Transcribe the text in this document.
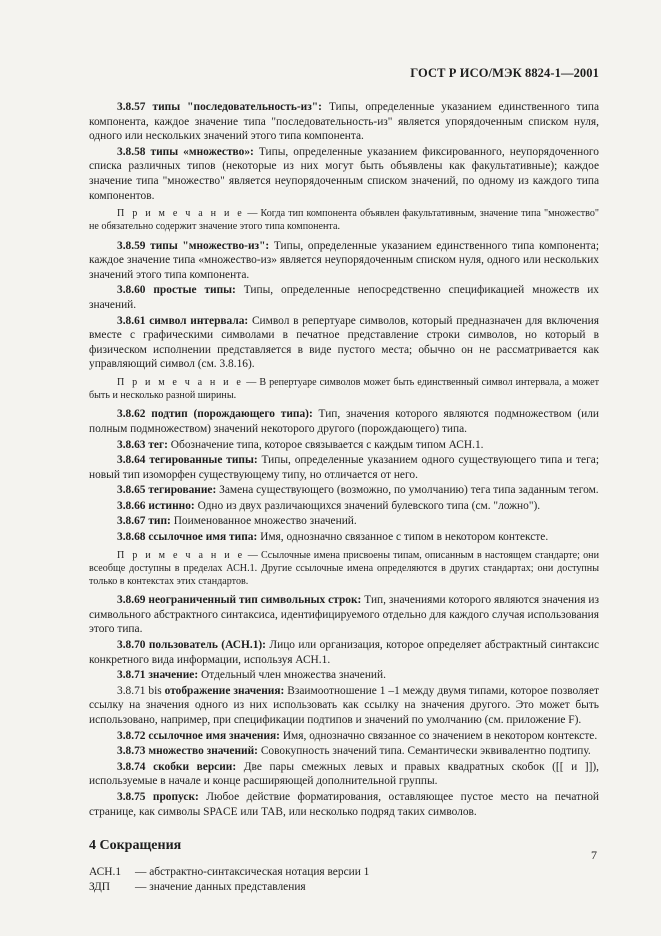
ГОСТ Р ИСО/МЭК 8824-1—2001
3.8.57 типы "последовательность-из": Типы, определенные указанием единственного типа компонента, каждое значение типа "последовательность-из" является упорядоченным списком нуля, одного или нескольких значений этого типа компонента.
3.8.58 типы «множество»: Типы, определенные указанием фиксированного, неупорядоченного списка различных типов (некоторые из них могут быть объявлены как факультативные); каждое значение типа "множество" является неупорядоченным списком значений, по одному из каждого типа компонентов.
П р и м е ч а н и е — Когда тип компонента объявлен факультативным, значение типа "множество" не обязательно содержит значение этого типа компонента.
3.8.59 типы "множество-из": Типы, определенные указанием единственного типа компонента; каждое значение типа «множество-из» является неупорядоченным списком нуля, одного или нескольких значений этого типа компонента.
3.8.60 простые типы: Типы, определенные непосредственно спецификацией множеств их значений.
3.8.61 символ интервала: Символ в репертуаре символов, который предназначен для включения вместе с графическими символами в печатное представление строки символов, но который в физическом исполнении представляется в виде пустого места; обычно он не рассматривается как управляющий символ (см. 3.8.16).
П р и м е ч а н и е — В репертуаре символов может быть единственный символ интервала, а может быть и несколько разной ширины.
3.8.62 подтип (порождающего типа): Тип, значения которого являются подмножеством (или полным подмножеством) значений некоторого другого (порождающего) типа.
3.8.63 тег: Обозначение типа, которое связывается с каждым типом АСН.1.
3.8.64 тегированные типы: Типы, определенные указанием одного существующего типа и тега; новый тип изоморфен существующему типу, но отличается от него.
3.8.65 тегирование: Замена существующего (возможно, по умолчанию) тега типа заданным тегом.
3.8.66 истинно: Одно из двух различающихся значений булевского типа (см. "ложно").
3.8.67 тип: Поименованное множество значений.
3.8.68 ссылочное имя типа: Имя, однозначно связанное с типом в некотором контексте.
П р и м е ч а н и е — Ссылочные имена присвоены типам, описанным в настоящем стандарте; они всеобще доступны в пределах АСН.1. Другие ссылочные имена определяются в других стандартах; они доступны только в контекстах этих стандартов.
3.8.69 неограниченный тип символьных строк: Тип, значениями которого являются значения из символьного абстрактного синтаксиса, идентифицируемого отдельно для каждого случая использования этого типа.
3.8.70 пользователь (АСН.1): Лицо или организация, которое определяет абстрактный синтаксис конкретного вида информации, используя АСН.1.
3.8.71 значение: Отдельный член множества значений.
3.8.71 bis отображение значения: Взаимоотношение 1 –1 между двумя типами, которое позволяет ссылку на значения одного из них использовать как ссылку на значения другого. Это может быть использовано, например, при спецификации подтипов и значений по умолчанию (см. приложение F).
3.8.72 ссылочное имя значения: Имя, однозначно связанное со значением в некотором контексте.
3.8.73 множество значений: Совокупность значений типа. Семантически эквивалентно подтипу.
3.8.74 скобки версии: Две пары смежных левых и правых квадратных скобок ([[ и ]]), используемые в начале и конце расширяющей дополнительной группы.
3.8.75 пропуск: Любое действие форматирования, оставляющее пустое место на печатной странице, как символы SPACE или TAB, или несколько подряд таких символов.
4 Сокращения
АСН.1 — абстрактно-синтаксическая нотация версии 1
ЗДП — значение данных представления
7
